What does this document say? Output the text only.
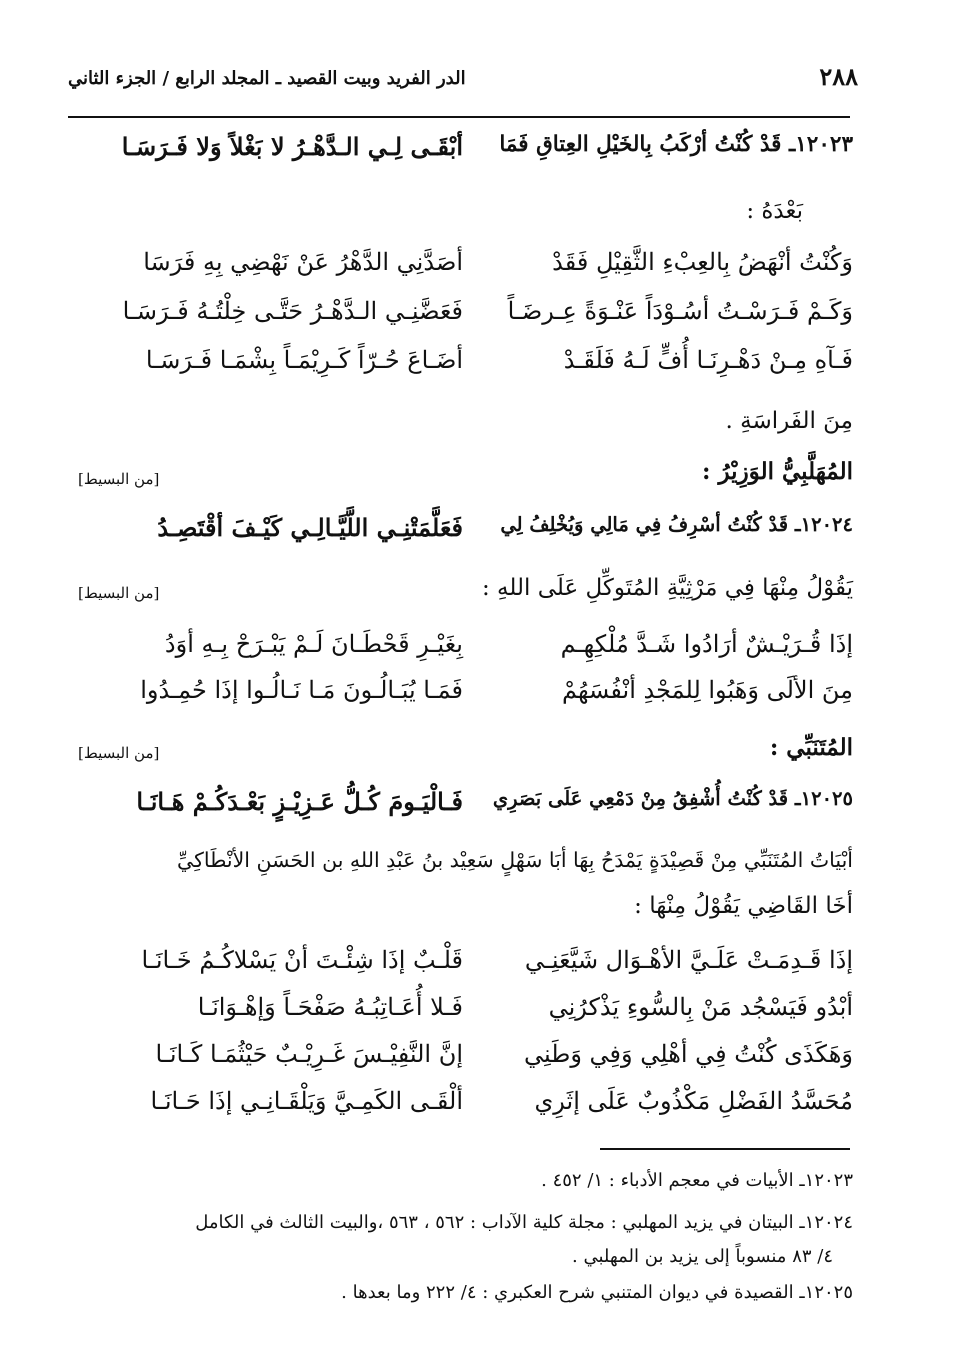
٢٨٨
الدر الفريد وبيت القصيد ـ المجلد الرابع / الجزء الثاني
١٢٠٢٣ـ قَدْ كُنْتُ أرْكَبُ بِالخَيْلِ العِتاقِ فَمَا
أبْقَـى لِـي الـدَّهْـرُ لا بَغْلاً وَلا فَـرَسَـا
بَعْدَهُ :
وَكُنْتُ أنْهَضُ بِالعِبْءِ الثَّقِيْلِ فَقَدْ
أصَدَّنِي الدَّهْرُ عَنْ نَهْضِي بِهِ فَرَسَا
وَكَـمْ فَـرَسْـتُ أسُـوْدَاً عَنْـوَةً عِـرضَـاً
فَعَضَّنِـي الـدَّهْـرُ حَتَّـى خِلْتُـهُ فَـرَسَـا
فَـآهِ مِـنْ دَهْـرِنَـا أُفٍّ لَـهُ فَلَقَـدْ
أضَـاعَ حُـرّاً كَـرِيْمَـاً بِشْمَـا فَـرَسَـا
مِنَ الفَراسَةِ .
المُهَلَّبِيُّ الوَزِيْرُ :
[من البسيط]
١٢٠٢٤ـ قَدْ كُنْتُ أسْرِفُ فِي مَالِي وَيُخْلِفُ لِي
فَعَلَّمَتْنِـي اللَّيَّـالِـي كَيْـفَ أقْتَصِـدُ
يَقُوْلُ مِنْهَا فِي مَرْثِيَّةِ المُتَوكِّلِ عَلَى اللهِ :
[من البسيط]
إذَا قُـرَيْـشٌ أرَادُوا شَـدَّ مُلْكِهِـم
بِغَيْـرِ قَحْطَـانَ لَـمْ يَبْـرَحْ بِـهِ أوَدُ
مِنَ الألَى وَهَبُوا لِلمَجْدِ أنْفُسَهُمْ
فَمَـا يُبَـالُـونَ مَـا نَـالُـوا إذَا حُمِـدُوا
المُتَنَبِّي :
[من البسيط]
١٢٠٢٥ـ قَدْ كُنْتُ أُشْفِقُ مِنْ دَمْعِي عَلَى بَصَرِي
فَـالْيَـومَ كُـلُّ عَـزِيْـزٍ بَعْـدَكُـمْ هَـانَـا
أبْيَاتُ المُتَنَبِّي مِنْ قَصِيْدَةٍ يَمْدَحُ بِهَا أبَا سَهْلٍ سَعِيْد بنُ عَبْدِ اللهِ بن الحَسَنِ الأنْطَاكِيِّ
أخَا القَاضِي يَقُوْلُ مِنْهَا :
إذَا قَـدِمَـتْ عَلَـيَّ الأهْـوَال شَيَّعَنِـي
قَلْـبٌ إذَا شِئْـتَ أنْ يَسْلاكُـمُ خَـانَـا
أبْدُو فَيَسْجُد مَنْ بِالسُّوءِ يَذْكرُنِي
فَـلا أُعَـاتِبُـهُ صَفْحَـاً وَإهْـوَانَـا
وَهَكَذَى كُنْتُ فِي أهْلِي وَفِي وَطَنِي
إنَّ النَّفِيْـسَ غَـرِيْـبٌ حَيْثُمَـا كَـانَـا
مُحَسَّدُ الفَضْلِ مَكْذُوبٌ عَلَى إثَرِي
ألْقَـى الكَمِـيَّ وَيَلْقَـانِـي إذَا حَـانَـا
١٢٠٢٣ـ الأبيات في معجم الأدباء : ١/ ٤٥٢ .
١٢٠٢٤ـ البيتان في يزيد المهلبي : مجلة كلية الآداب : ٥٦٢ ، ٥٦٣ ،والبيت الثالث في الكامل
٤/ ٨٣ منسوباً إلى يزيد بن المهلبي .
١٢٠٢٥ـ القصيدة في ديوان المتنبي شرح العكبري : ٤/ ٢٢٢ وما بعدها .
